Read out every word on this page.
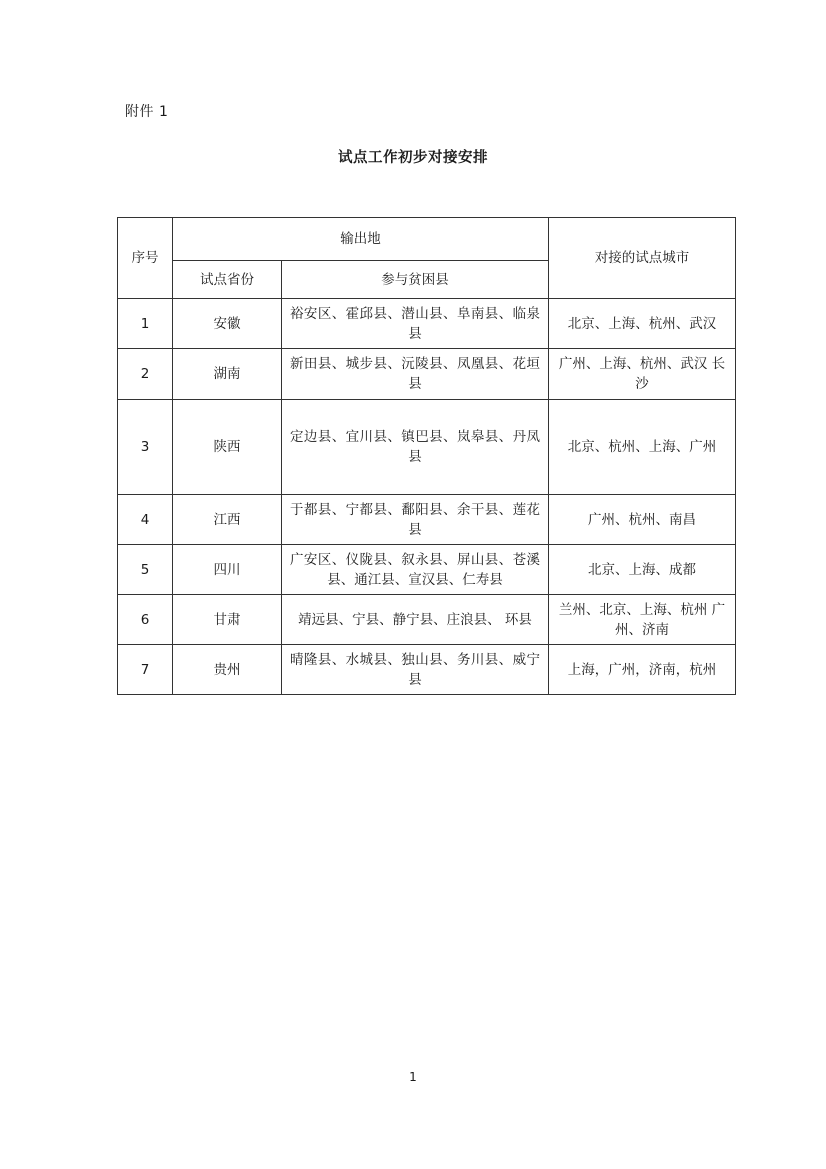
附件 1
试点工作初步对接安排
序号	输出地		对接的试点城市
	试点省份	参与贫困县	
1	安徽	裕安区、霍邱县、潜山县、阜南县、临泉县	北京、上海、杭州、武汉
2	湖南	新田县、城步县、沅陵县、凤凰县、花垣县	广州、上海、杭州、武汉 长沙
3	陕西	定边县、宜川县、镇巴县、岚皋县、丹凤县	北京、杭州、上海、广州
4	江西	于都县、宁都县、鄱阳县、余干县、莲花县	广州、杭州、南昌
5	四川	广安区、仪陇县、叙永县、屏山县、苍溪县、通江县、宣汉县、仁寿县	北京、上海、成都
6	甘肃	靖远县、宁县、静宁县、庄浪县、 环县	兰州、北京、上海、杭州 广州、济南
7	贵州	晴隆县、水城县、独山县、务川县、威宁县	上海，广州，济南，杭州
1
